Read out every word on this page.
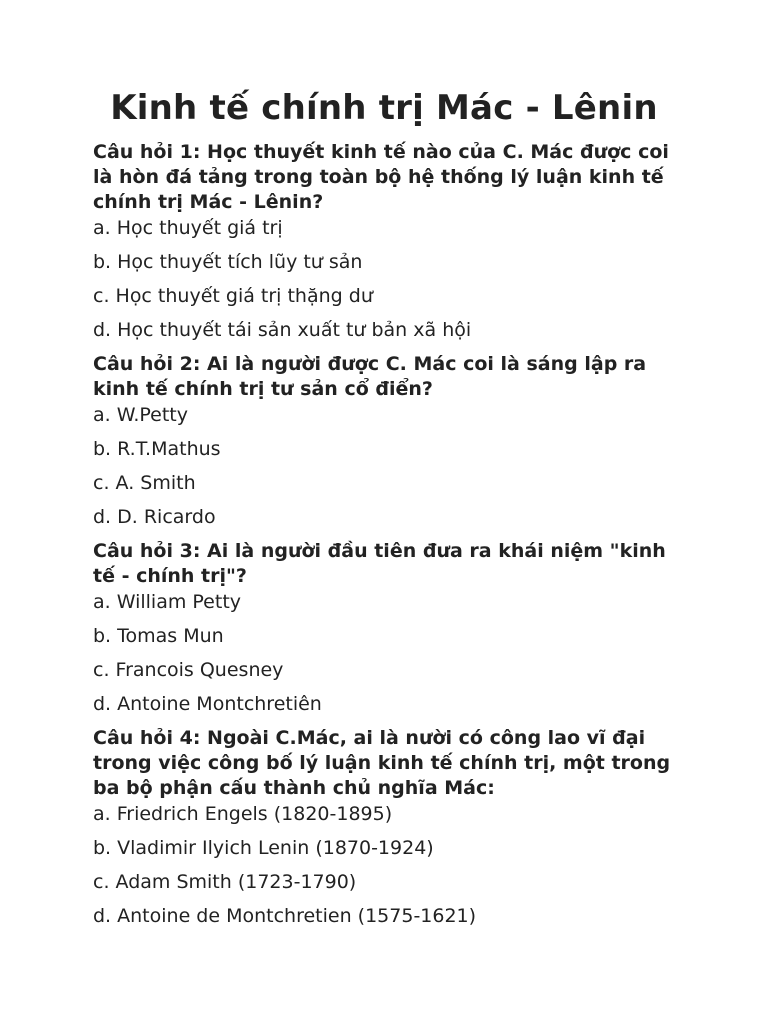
Kinh tế chính trị Mác - Lênin

Câu hỏi 1: Học thuyết kinh tế nào của C. Mác được coi là hòn đá tảng trong toàn bộ hệ thống lý luận kinh tế chính trị Mác - Lênin?

a. Học thuyết giá trị
b. Học thuyết tích lũy tư sản
c. Học thuyết giá trị thặng dư
d. Học thuyết tái sản xuất tư bản xã hội

Câu hỏi 2: Ai là người được C. Mác coi là sáng lập ra kinh tế chính trị tư sản cổ điển?

a. W.Petty
b. R.T.Mathus
c. A. Smith
d. D. Ricardo

Câu hỏi 3: Ai là người đầu tiên đưa ra khái niệm "kinh tế - chính trị"?

a. William Petty
b. Tomas Mun
c. Francois Quesney
d. Antoine Montchretiên

Câu hỏi 4: Ngoài C.Mác, ai là nười có công lao vĩ đại trong việc công bố lý luận kinh tế chính trị, một trong ba bộ phận cấu thành chủ nghĩa Mác:

a. Friedrich Engels (1820-1895)
b. Vladimir Ilyich Lenin (1870-1924)
c. Adam Smith (1723-1790)
d. Antoine de Montchretien (1575-1621)
